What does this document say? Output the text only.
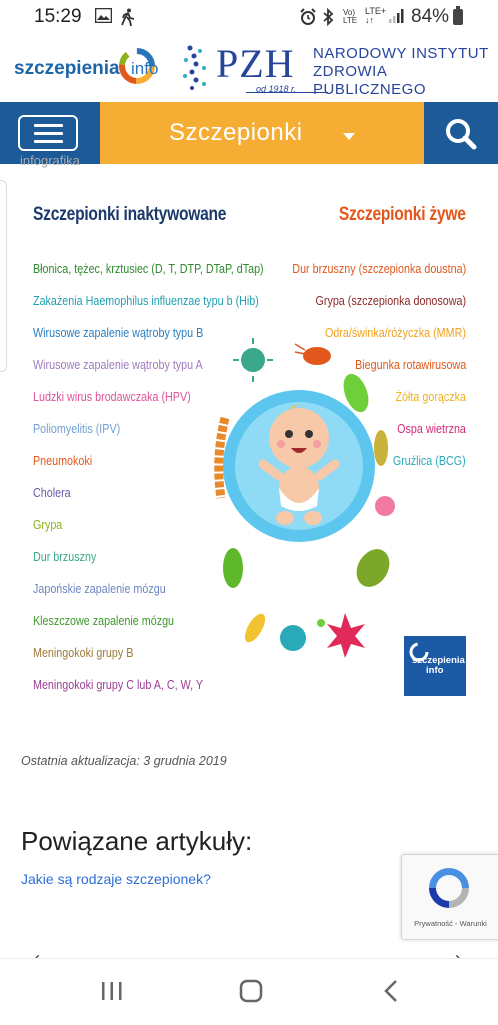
15:29	Vo)
LTE
LTE+
↓↑	84%
szczepienia info PZH
od 1918 r.
NARODOWY INSTYTUT
ZDROWIA PUBLICZNEGO
Szczepionki
infografika
Szczepionki inaktywowane	Szczepionki żywe
Błonica, tężec, krztusiec (D, T, DTP, DTaP, dTap)
Zakażenia Haemophilus influenzae typu b (Hib)
Wirusowe zapalenie wątroby typu B
Wirusowe zapalenie wątroby typu A
Ludzki wirus brodawczaka (HPV)
Poliomyelitis (IPV)
Pneumokoki
Cholera
Grypa
Dur brzuszny
Japońskie zapalenie mózgu
Kleszczowe zapalenie mózgu
Meningokoki grupy B
Meningokoki grupy C lub A, C, W, Y
Dur brzuszny (szczepionka doustna)
Grypa (szczepionka donosowa)
Odra/świnka/różyczka (MMR)
Biegunka rotawirusowa
Żółta gorączka
Ospa wietrzna
Gruźlica (BCG)
szczepienia
info
Ostatnia aktualizacja: 3 grudnia 2019
Powiązane artykuły:
Jakie są rodzaje szczepionek?
Prywatność - Warunki
